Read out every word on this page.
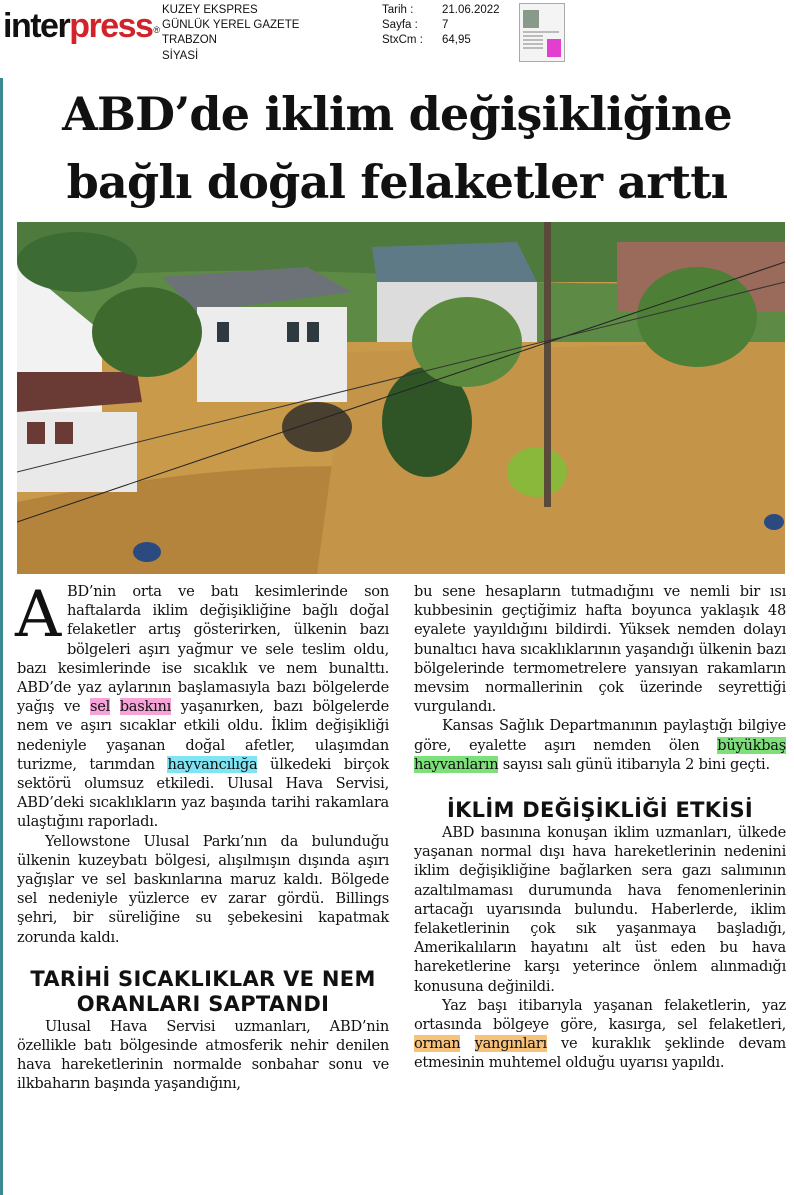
interpress®
KUZEY EKSPRES
GÜNLÜK YEREL GAZETE
TRABZON
SİYASİ
Tarih : 21.06.2022
Sayfa : 7
StxCm : 64,95
ABD’de iklim değişikliğine
bağlı doğal felaketler arttı

ABD’nin orta ve batı kesimlerinde son haftalarda iklim değişikliğine bağlı doğal felaketler artış gösterirken, ülkenin bazı bölgeleri aşırı yağmur ve sele teslim oldu, bazı kesimlerinde ise sıcaklık ve nem bunalttı. ABD’de yaz aylarının başlamasıyla bazı bölgelerde yağış ve sel baskını yaşanırken, bazı bölgelerde nem ve aşırı sıcaklar etkili oldu. İklim değişikliği nedeniyle yaşanan doğal afetler, ulaşımdan turizme, tarımdan hayvancılığa ülkedeki birçok sektörü olumsuz etkiledi. Ulusal Hava Servisi, ABD’deki sıcaklıkların yaz başında tarihi rakamlara ulaştığını raporladı.

Yellowstone Ulusal Parkı’nın da bulunduğu ülkenin kuzeybatı bölgesi, alışılmışın dışında aşırı yağışlar ve sel baskınlarına maruz kaldı. Bölgede sel nedeniyle yüzlerce ev zarar gördü. Billings şehri, bir süreliğine su şebekesini kapatmak zorunda kaldı.

TARİHİ SICAKLIKLAR VE NEM ORANLARI SAPTANDI

Ulusal Hava Servisi uzmanları, ABD’nin özellikle batı bölgesinde atmosferik nehir denilen hava hareketlerinin normalde sonbahar sonu ve ilkbaharın başında yaşandığını,

bu sene hesapların tutmadığını ve nemli bir ısı kubbesinin geçtiğimiz hafta boyunca yaklaşık 48 eyalete yayıldığını bildirdi. Yüksek nemden dolayı bunaltıcı hava sıcaklıklarının yaşandığı ülkenin bazı bölgelerinde termometrelere yansıyan rakamların mevsim normallerinin çok üzerinde seyrettiği vurgulandı.

Kansas Sağlık Departmanının paylaştığı bilgiye göre, eyalette aşırı nemden ölen büyükbaş hayvanların sayısı salı günü itibarıyla 2 bini geçti.

İKLİM DEĞİŞİKLİĞİ ETKİSİ

ABD basınına konuşan iklim uzmanları, ülkede yaşanan normal dışı hava hareketlerinin nedenini iklim değişikliğine bağlarken sera gazı salımının azaltılmaması durumunda hava fenomenlerinin artacağı uyarısında bulundu. Haberlerde, iklim felaketlerinin çok sık yaşanmaya başladığı, Amerikalıların hayatını alt üst eden bu hava hareketlerine karşı yeterince önlem alınmadığı konusuna değinildi.

Yaz başı itibarıyla yaşanan felaketlerin, yaz ortasında bölgeye göre, kasırga, sel felaketleri, orman yangınları ve kuraklık şeklinde devam etmesinin muhtemel olduğu uyarısı yapıldı.
